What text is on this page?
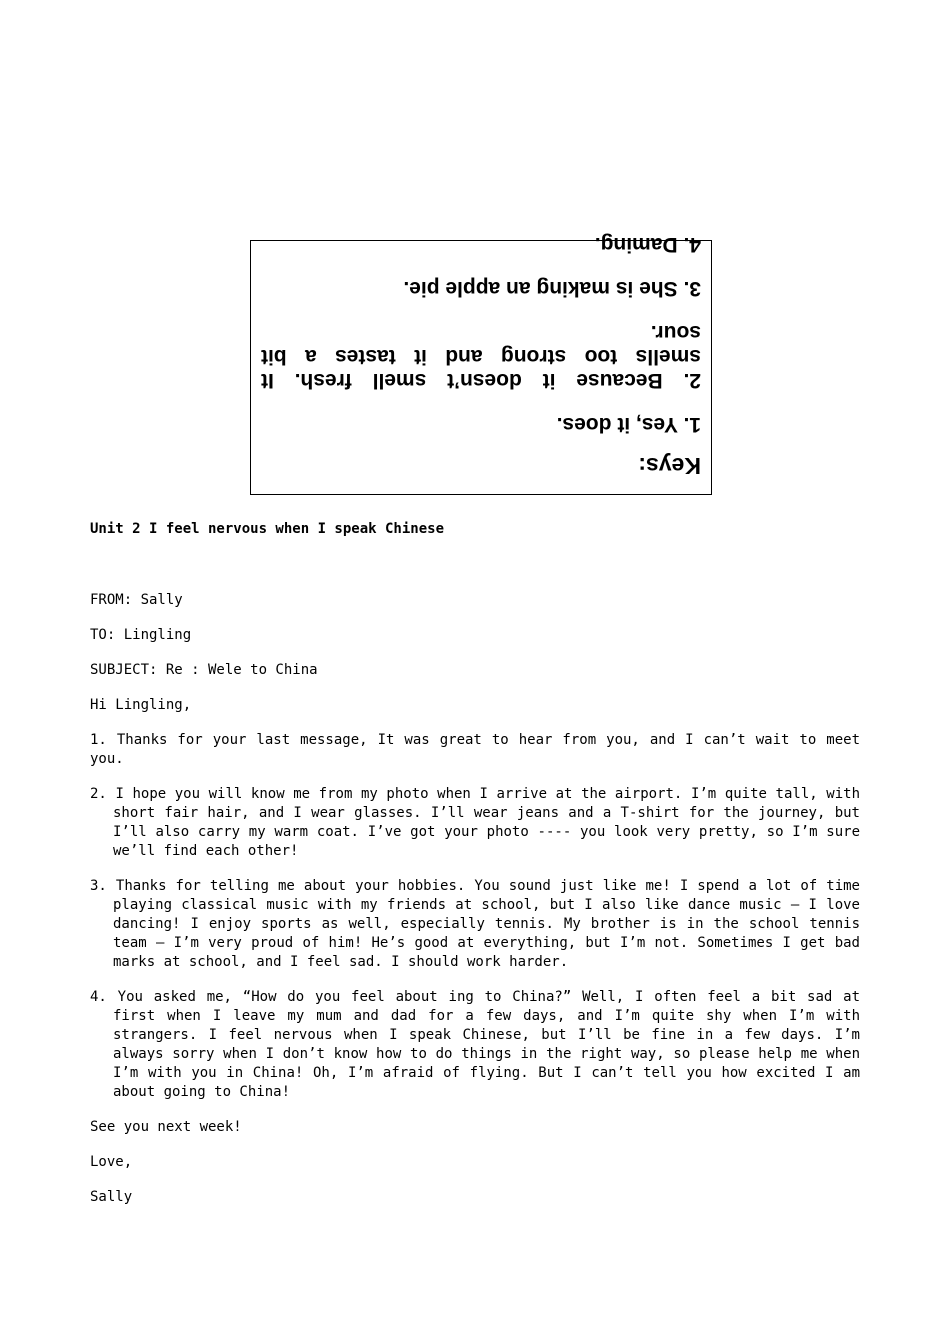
Keys:
1. Yes, it does.
2. Because it doesn’t smell fresh. It smells too strong and it tastes a bit sour.
3. She is making an apple pie.
4. Daming.
Unit 2 I feel nervous when I speak Chinese
FROM: Sally
TO: Lingling
SUBJECT: Re : Wele to China
Hi Lingling,
1. Thanks for your last message, It was great to hear from you, and I can’t wait to meet you.
2. I hope you will know me from my photo when I arrive at the airport. I’m quite tall, with short fair hair, and I wear glasses. I’ll wear jeans and a T-shirt for the journey, but I’ll also carry my warm coat. I’ve got your photo ---- you look very pretty, so I’m sure we’ll find each other!
3. Thanks for telling me about your hobbies. You sound just like me! I spend a lot of time playing classical music with my friends at school, but I also like dance music – I love dancing! I enjoy sports as well, especially tennis. My brother is in the school tennis team – I’m very proud of him! He’s good at everything, but I’m not. Sometimes I get bad marks at school, and I feel sad. I should work harder.
4. You asked me, “How do you feel about ing to China?” Well, I often feel a bit sad at first when I leave my mum and dad for a few days, and I’m quite shy when I’m with strangers. I feel nervous when I speak Chinese, but I’ll be fine in a few days. I’m always sorry when I don’t know how to do things in the right way, so please help me when I’m with you in China! Oh, I’m afraid of flying. But I can’t tell you how excited I am about going to China!
See you next week!
Love,
Sally
